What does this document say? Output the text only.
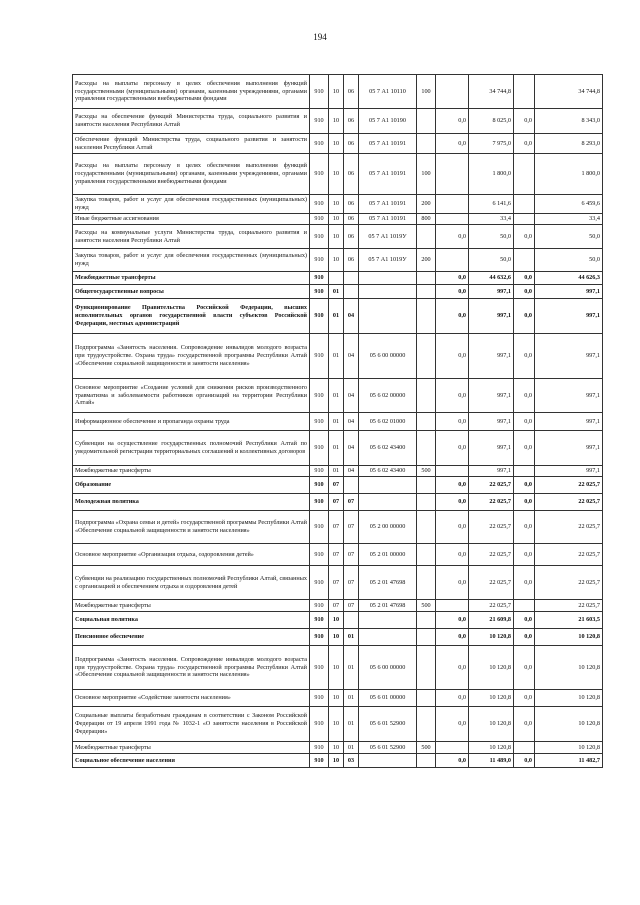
194
Расходы на выплаты персоналу в целях обеспечения выполнения функций государственными (муниципальными) органами, казенными учреждениями, органами управления государственными внебюджетными фондами	910	10	06	05 7 А1 10110	100		34 744,8		34 744,8
Расходы на обеспечение функций Министерства труда, социального развития и занятости населения Республики Алтай	910	10	06	05 7 А1 10190		0,0	8 025,0	0,0	8 343,0
Обеспечение функций Министерства труда, социального развития и занятости населения Республики Алтай	910	10	06	05 7 А1 10191		0,0	7 975,0	0,0	8 293,0
Расходы на выплаты персоналу в целях обеспечения выполнения функций государственными (муниципальными) органами, казенными учреждениями, органами управления государственными внебюджетными фондами	910	10	06	05 7 А1 10191	100		1 800,0		1 800,0
Закупка товаров, работ и услуг для обеспечения государственных (муниципальных) нужд	910	10	06	05 7 А1 10191	200		6 141,6		6 459,6
Иные бюджетные ассигнования	910	10	06	05 7 А1 10191	800		33,4		33,4
Расходы на коммунальные услуги Министерства труда, социального развития и занятости населения Республики Алтай	910	10	06	05 7 А1 1019У		0,0	50,0	0,0	50,0
Закупка товаров, работ и услуг для обеспечения государственных (муниципальных) нужд	910	10	06	05 7 А1 1019У	200		50,0		50,0
Межбюджетные трансферты	910					0,0	44 632,6	0,0	44 626,3
Общегосударственные вопросы	910	01				0,0	997,1	0,0	997,1
Функционирование Правительства Российской Федерации, высших исполнительных органов государственной власти субъектов Российской Федерации, местных администраций	910	01	04			0,0	997,1	0,0	997,1
Подпрограмма «Занятость населения. Сопровождение инвалидов молодого возраста при трудоустройстве. Охрана труда» государственной программы Республики Алтай «Обеспечение социальной защищенности и занятости населения»	910	01	04	05 6 00 00000		0,0	997,1	0,0	997,1
Основное мероприятие «Создание условий для снижения рисков производственного травматизма и заболеваемости работников организаций на территории Республики Алтай»	910	01	04	05 6 02 00000		0,0	997,1	0,0	997,1
Информационное обеспечение и пропаганда охраны труда	910	01	04	05 6 02 01000		0,0	997,1	0,0	997,1
Субвенции на осуществление государственных полномочий Республики Алтай по уведомительной регистрации территориальных соглашений и коллективных договоров	910	01	04	05 6 02 43400		0,0	997,1	0,0	997,1
Межбюджетные трансферты	910	01	04	05 6 02 43400	500		997,1		997,1
Образование	910	07				0,0	22 025,7	0,0	22 025,7
Молодежная политика	910	07	07			0,0	22 025,7	0,0	22 025,7
Подпрограмма «Охрана семьи и детей» государственной программы Республики Алтай «Обеспечение социальной защищенности и занятости населения»	910	07	07	05 2 00 00000		0,0	22 025,7	0,0	22 025,7
Основное мероприятие «Организация отдыха, оздоровления детей»	910	07	07	05 2 01 00000		0,0	22 025,7	0,0	22 025,7
Субвенции на реализацию государственных полномочий Республики Алтай, связанных с организацией и обеспечением отдыха и оздоровления детей	910	07	07	05 2 01 47698		0,0	22 025,7	0,0	22 025,7
Межбюджетные трансферты	910	07	07	05 2 01 47698	500		22 025,7		22 025,7
Социальная политика	910	10				0,0	21 609,8	0,0	21 603,5
Пенсионное обеспечение	910	10	01			0,0	10 120,8	0,0	10 120,8
Подпрограмма «Занятость населения. Сопровождение инвалидов молодого возраста при трудоустройстве. Охрана труда» государственной программы Республики Алтай «Обеспечение социальной защищенности и занятости населения»	910	10	01	05 6 00 00000		0,0	10 120,8	0,0	10 120,8
Основное мероприятие «Содействие занятости населения»	910	10	01	05 6 01 00000		0,0	10 120,8	0,0	10 120,8
Социальные выплаты безработным гражданам в соответствии с Законом Российской Федерации от 19 апреля 1991 года № 1032-1 «О занятости населения в Российской Федерации»	910	10	01	05 6 01 52900		0,0	10 120,8	0,0	10 120,8
Межбюджетные трансферты	910	10	01	05 6 01 52900	500		10 120,8		10 120,8
Социальное обеспечение населения	910	10	03			0,0	11 489,0	0,0	11 482,7
